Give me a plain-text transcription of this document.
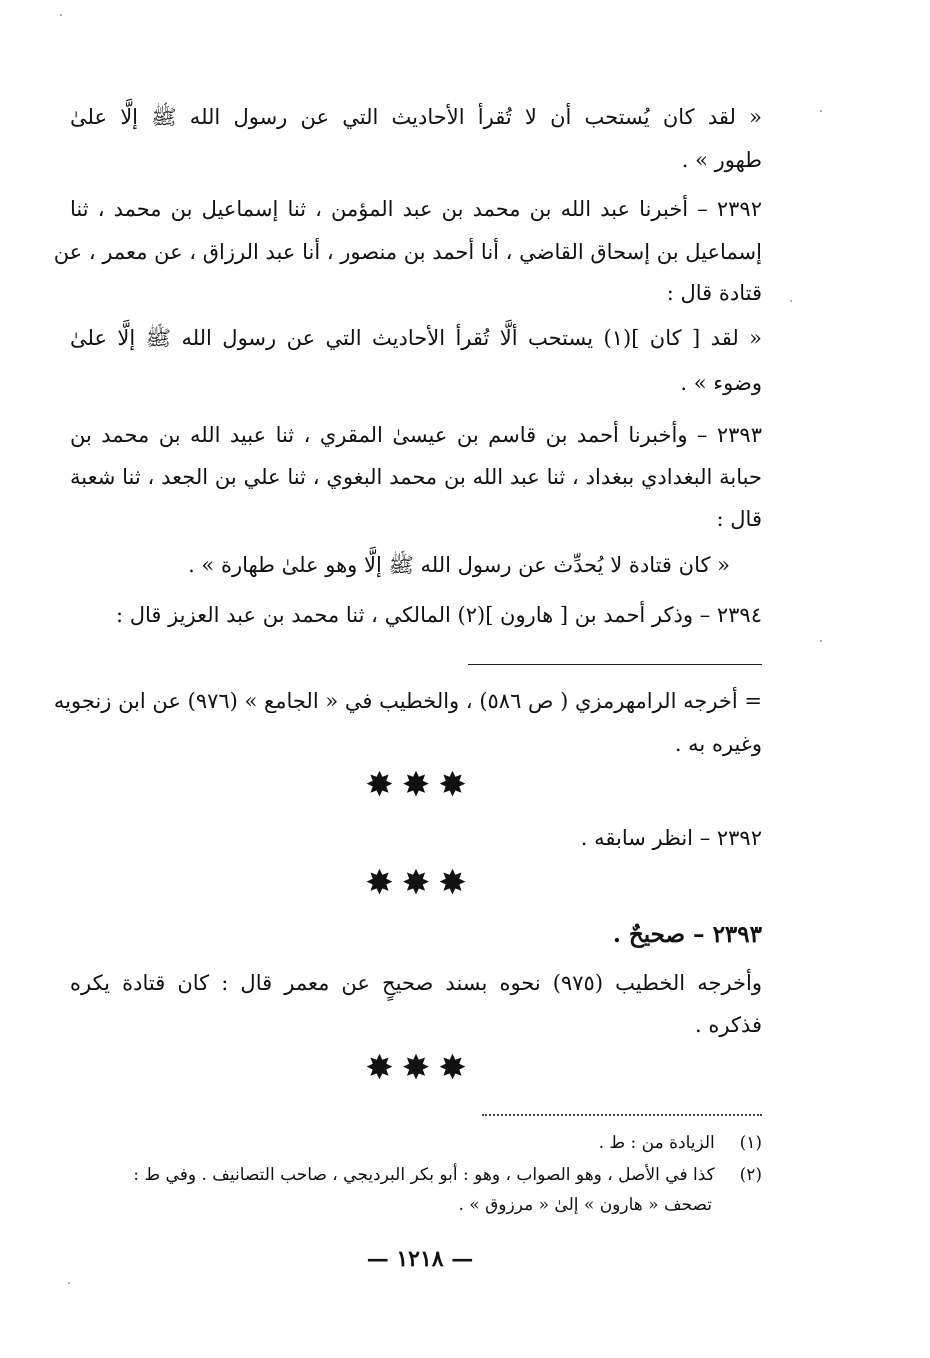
« لقد كان يُستحب أن لا تُقرأ الأحاديث التي عن رسول الله ﷺ إلَّا علىٰ
طهور » .
٢٣٩٢ – أخبرنا عبد الله بن محمد بن عبد المؤمن ، ثنا إسماعيل بن محمد ، ثنا
إسماعيل بن إسحاق القاضي ، أنا أحمد بن منصور ، أنا عبد الرزاق ، عن معمر ، عن
قتادة قال :
« لقد [ كان ](١) يستحب ألَّا تُقرأ الأحاديث التي عن رسول الله ﷺ إلَّا علىٰ
وضوء » .
٢٣٩٣ – وأخبرنا أحمد بن قاسم بن عيسىٰ المقري ، ثنا عبيد الله بن محمد بن
حبابة البغدادي ببغداد ، ثنا عبد الله بن محمد البغوي ، ثنا علي بن الجعد ، ثنا شعبة
قال :
« كان قتادة لا يُحدِّث عن رسول الله ﷺ إلَّا وهو علىٰ طهارة » .
٢٣٩٤ – وذكر أحمد بن [ هارون ](٢) المالكي ، ثنا محمد بن عبد العزيز قال :
= أخرجه الرامهرمزي ( ص ٥٨٦) ، والخطيب في « الجامع » (٩٧٦) عن ابن زنجويه
وغيره به .
✸✸✸
٢٣٩٢ – انظر سابقه .
✸✸✸
٢٣٩٣ – صحيحٌ .
وأخرجه الخطيب (٩٧٥) نحوه بسند صحيحٍ عن معمر قال : كان قتادة يكره
فذكره .
✸✸✸
(١)  الزيادة من : ط .
(٢)  كذا في الأصل ، وهو الصواب ، وهو : أبو بكر البرديجي ، صاحب التصانيف . وفي ط :
تصحف « هارون » إلىٰ « مرزوق » .
— ١٢١٨ —
